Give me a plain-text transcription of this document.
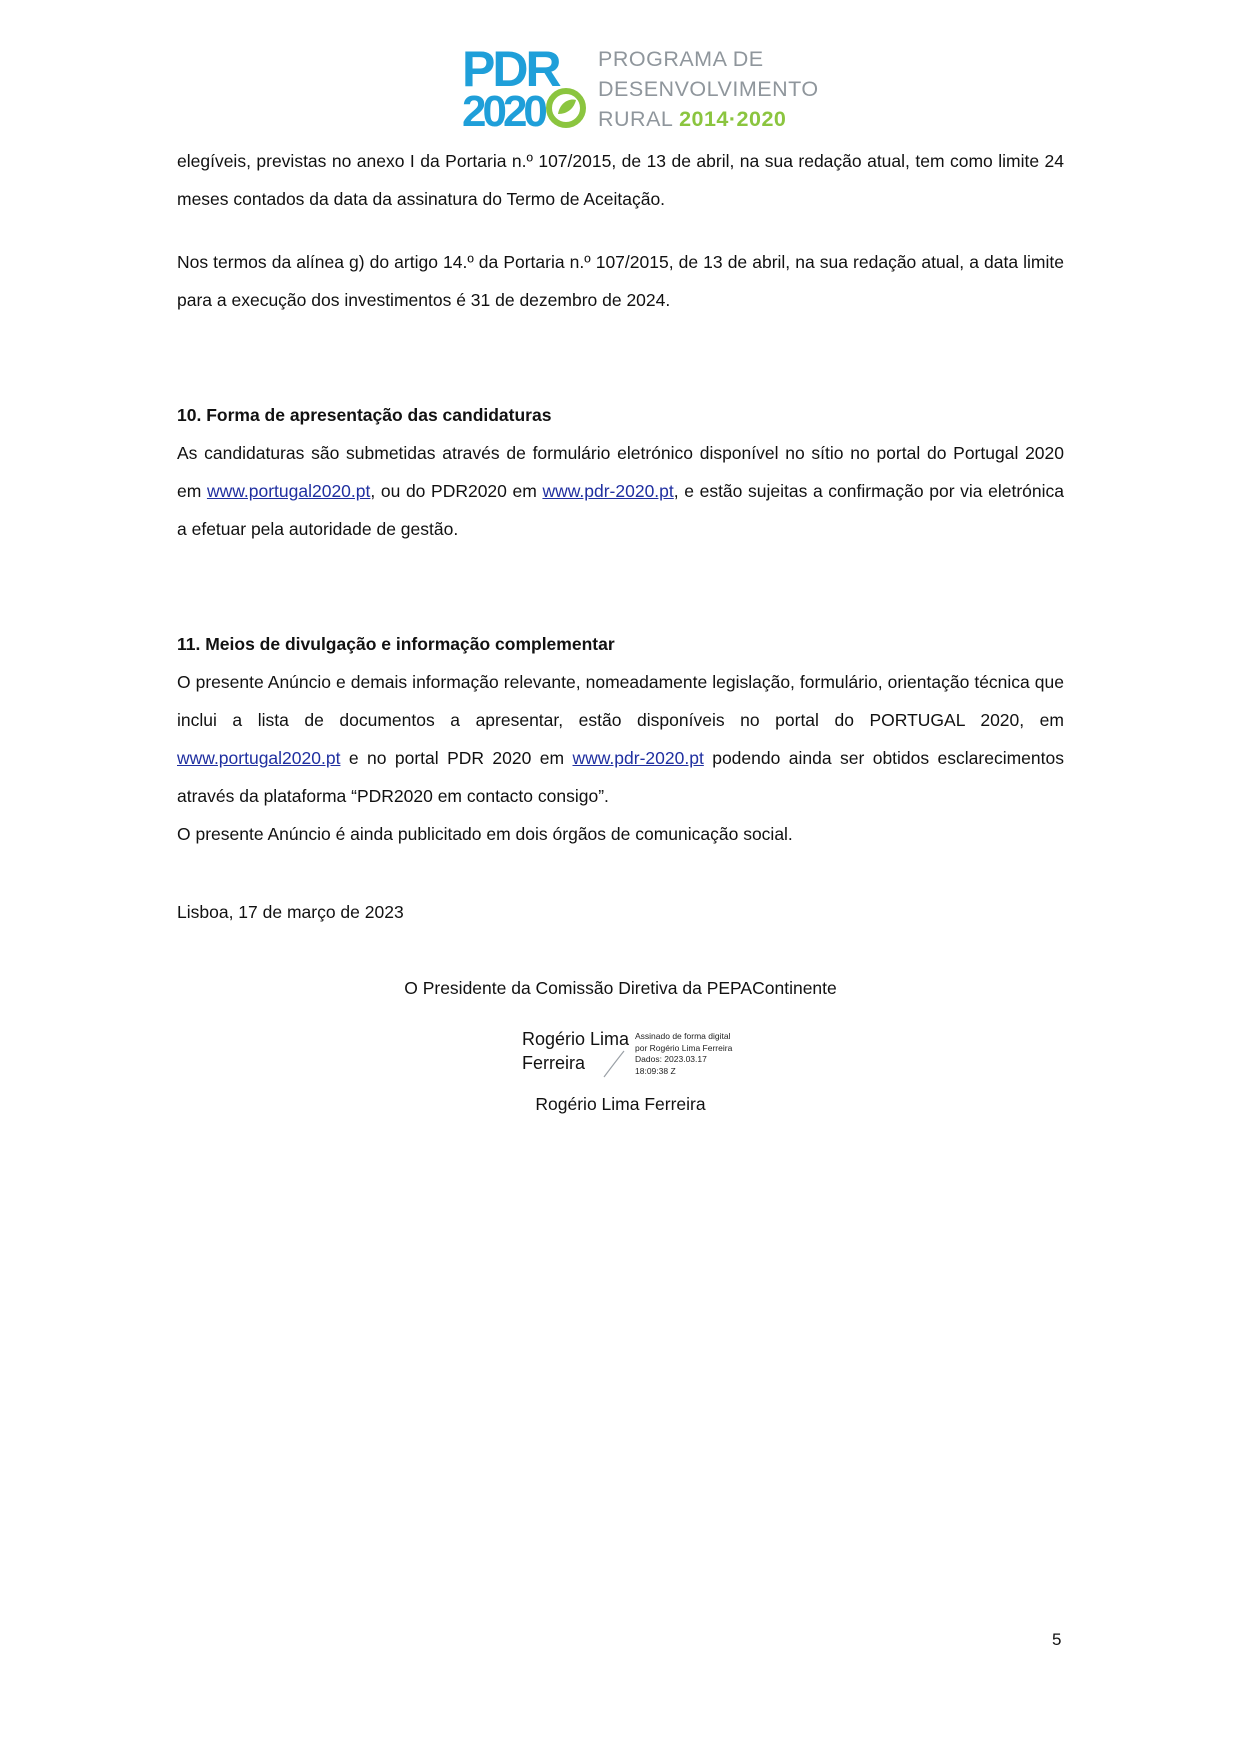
PDR
2020
PROGRAMA DE
DESENVOLVIMENTO
RURAL 2014·2020

elegíveis, previstas no anexo I da Portaria n.º 107/2015, de 13 de abril, na sua redação atual, tem como limite 24 meses contados da data da assinatura do Termo de Aceitação.

Nos termos da alínea g) do artigo 14.º da Portaria n.º 107/2015, de 13 de abril, na sua redação atual, a data limite para a execução dos investimentos é 31 de dezembro de 2024.

10. Forma de apresentação das candidaturas

As candidaturas são submetidas através de formulário eletrónico disponível no sítio no portal do Portugal 2020 em www.portugal2020.pt, ou do PDR2020 em www.pdr-2020.pt, e estão sujeitas a confirmação por via eletrónica a efetuar pela autoridade de gestão.

11. Meios de divulgação e informação complementar

O presente Anúncio e demais informação relevante, nomeadamente legislação, formulário, orientação técnica que inclui a lista de documentos a apresentar, estão disponíveis no portal do PORTUGAL 2020, em www.portugal2020.pt e no portal PDR 2020 em www.pdr-2020.pt podendo ainda ser obtidos esclarecimentos através da plataforma “PDR2020 em contacto consigo”.

O presente Anúncio é ainda publicitado em dois órgãos de comunicação social.

Lisboa, 17 de março de 2023

O Presidente da Comissão Diretiva da PEPAContinente

Rogério Lima
Ferreira
Assinado de forma digital
por Rogério Lima Ferreira
Dados: 2023.03.17
18:09:38 Z

Rogério Lima Ferreira

5
